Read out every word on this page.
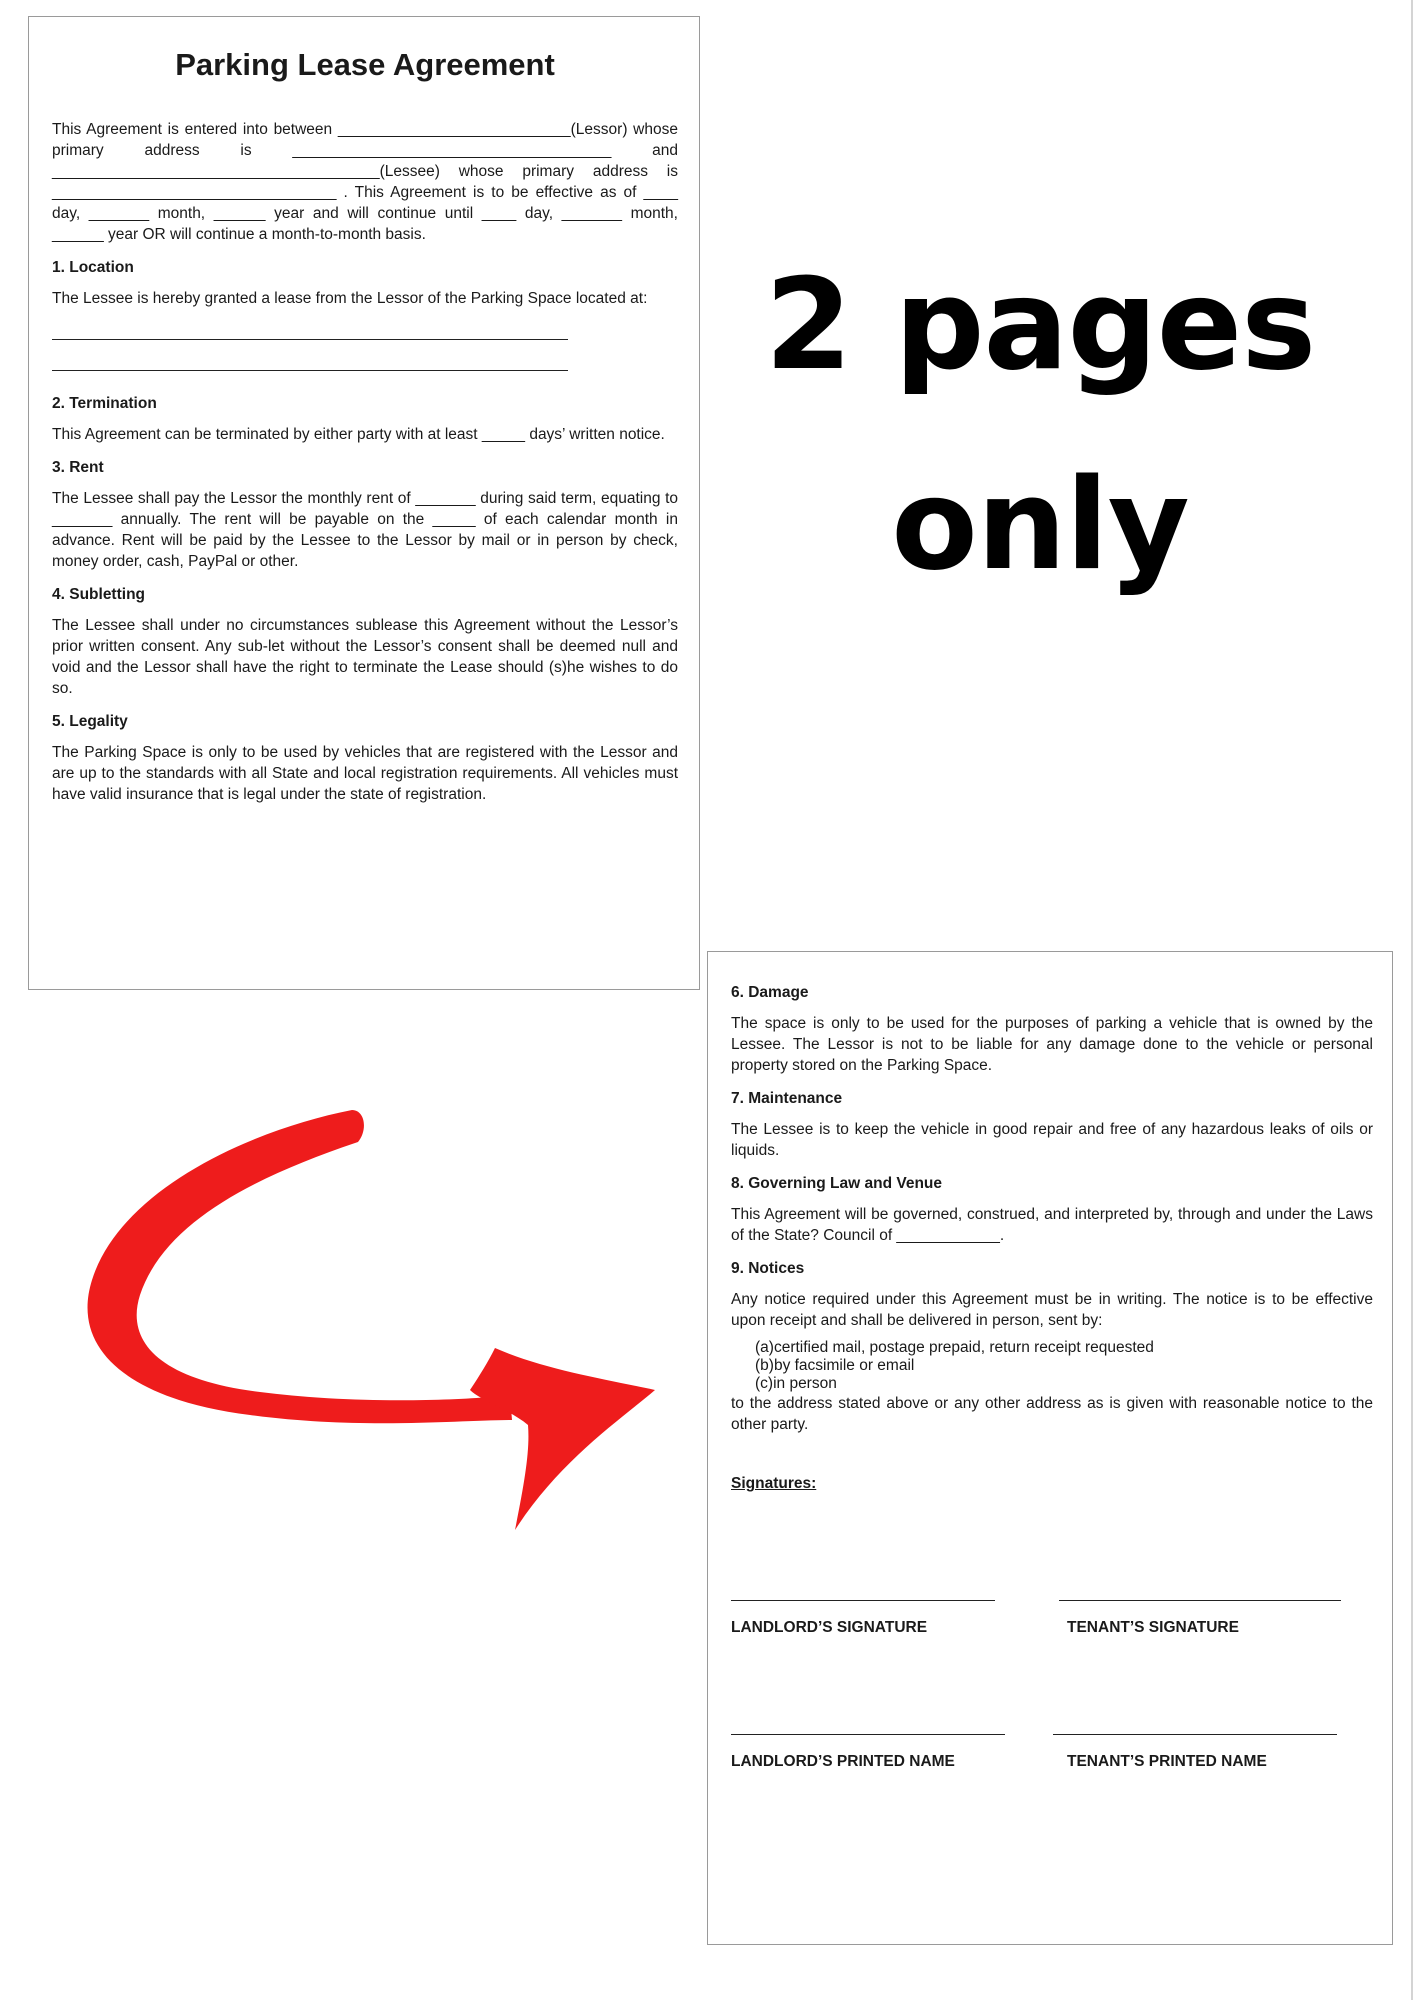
Parking Lease Agreement

This Agreement is entered into between ___________________________(Lessor) whose primary address is _____________________________________ and ______________________________________(Lessee) whose primary address is _________________________________ . This Agreement is to be effective as of ____ day, _______ month, ______ year and will continue until ____ day, _______ month, ______ year OR will continue a month-to-month basis.

1. Location

The Lessee is hereby granted a lease from the Lessor of the Parking Space located at:

2. Termination

This Agreement can be terminated by either party with at least _____ days’ written notice.

3. Rent

The Lessee shall pay the Lessor the monthly rent of _______ during said term, equating to _______ annually. The rent will be payable on the _____ of each calendar month in advance. Rent will be paid by the Lessee to the Lessor by mail or in person by check, money order, cash, PayPal or other.

4. Subletting

The Lessee shall under no circumstances sublease this Agreement without the Lessor’s prior written consent. Any sub-let without the Lessor’s consent shall be deemed null and void and the Lessor shall have the right to terminate the Lease should (s)he wishes to do so.

5. Legality

The Parking Space is only to be used by vehicles that are registered with the Lessor and are up to the standards with all State and local registration requirements. All vehicles must have valid insurance that is legal under the state of registration.

2 pages
only
6. Damage

The space is only to be used for the purposes of parking a vehicle that is owned by the Lessee. The Lessor is not to be liable for any damage done to the vehicle or personal property stored on the Parking Space.

7. Maintenance

The Lessee is to keep the vehicle in good repair and free of any hazardous leaks of oils or liquids.

8. Governing Law and Venue

This Agreement will be governed, construed, and interpreted by, through and under the Laws of the State? Council of ____________.

9. Notices

Any notice required under this Agreement must be in writing. The notice is to be effective upon receipt and shall be delivered in person, sent by:

(a)certified mail, postage prepaid, return receipt requested
(b)by facsimile or email
(c)in person

to the address stated above or any other address as is given with reasonable notice to the other party.

Signatures:
LANDLORD’S SIGNATURE	TENANT’S SIGNATURE
LANDLORD’S PRINTED NAME	TENANT’S PRINTED NAME
